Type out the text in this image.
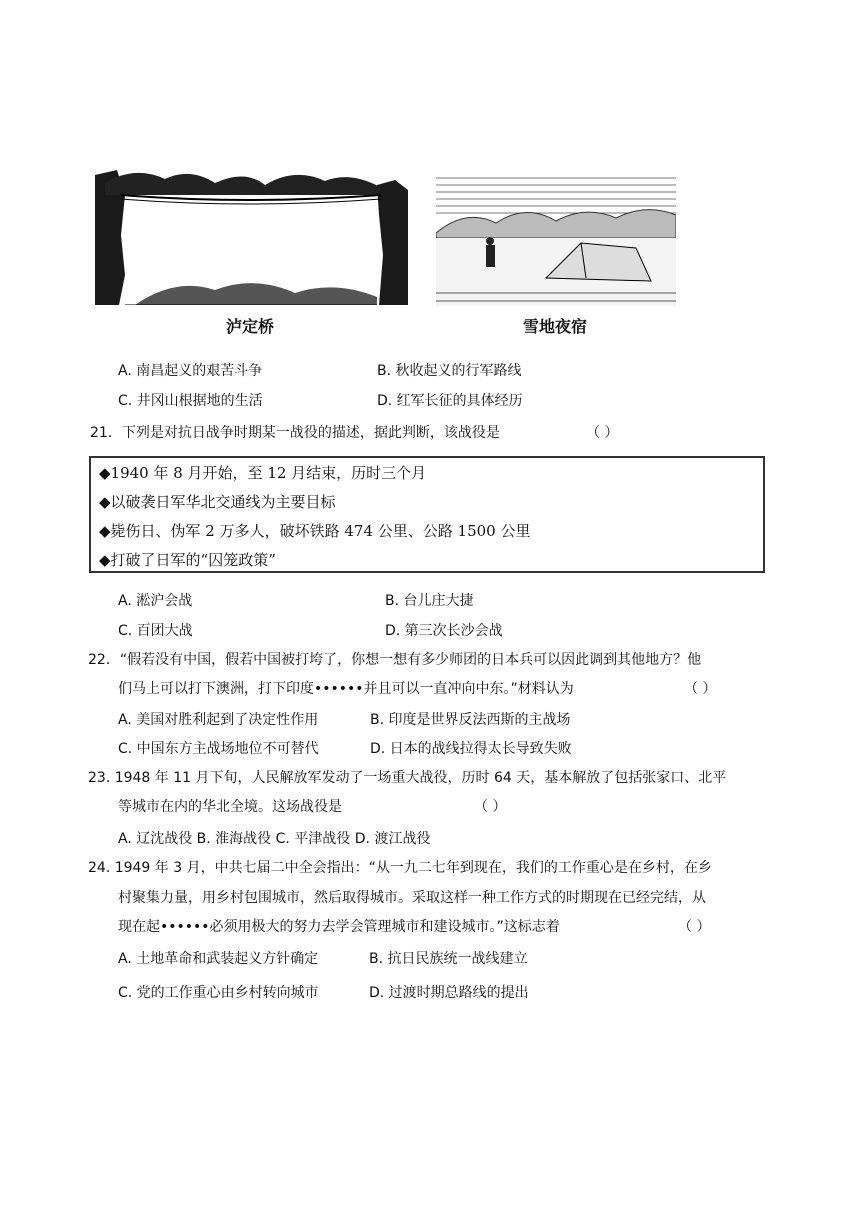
泸定桥	雪地夜宿
A. 南昌起义的艰苦斗争	B. 秋收起义的行军路线
C. 井冈山根据地的生活	D. 红军长征的具体经历
21．下列是对抗日战争时期某一战役的描述，据此判断，该战役是	（ ）
◆1940 年 8 月开始，至 12 月结束，历时三个月
◆以破袭日军华北交通线为主要目标
◆毙伤日、伪军 2 万多人，破坏铁路 474 公里、公路 1500 公里
◆打破了日军的“囚笼政策”
A. 淞沪会战	B. 台儿庄大捷
C. 百团大战	D. 第三次长沙会战
22．“假若没有中国，假若中国被打垮了，你想一想有多少师团的日本兵可以因此调到其他地方？他
们马上可以打下澳洲，打下印度••••••并且可以一直冲向中东。”材料认为	（ ）
A. 美国对胜利起到了决定性作用	B. 印度是世界反法西斯的主战场
C. 中国东方主战场地位不可替代	D. 日本的战线拉得太长导致失败
23. 1948 年 11 月下旬，人民解放军发动了一场重大战役，历时 64 天，基本解放了包括张家口、北平
等城市在内的华北全境。这场战役是	（ ）
A. 辽沈战役 B. 淮海战役 C. 平津战役 D. 渡江战役
24. 1949 年 3 月，中共七届二中全会指出：“从一九二七年到现在，我们的工作重心是在乡村，在乡
村聚集力量，用乡村包围城市，然后取得城市。采取这样一种工作方式的时期现在已经完结，从
现在起••••••必须用极大的努力去学会管理城市和建设城市。”这标志着	（ ）
A. 土地革命和武装起义方针确定	B. 抗日民族统一战线建立
C. 党的工作重心由乡村转向城市	D. 过渡时期总路线的提出
